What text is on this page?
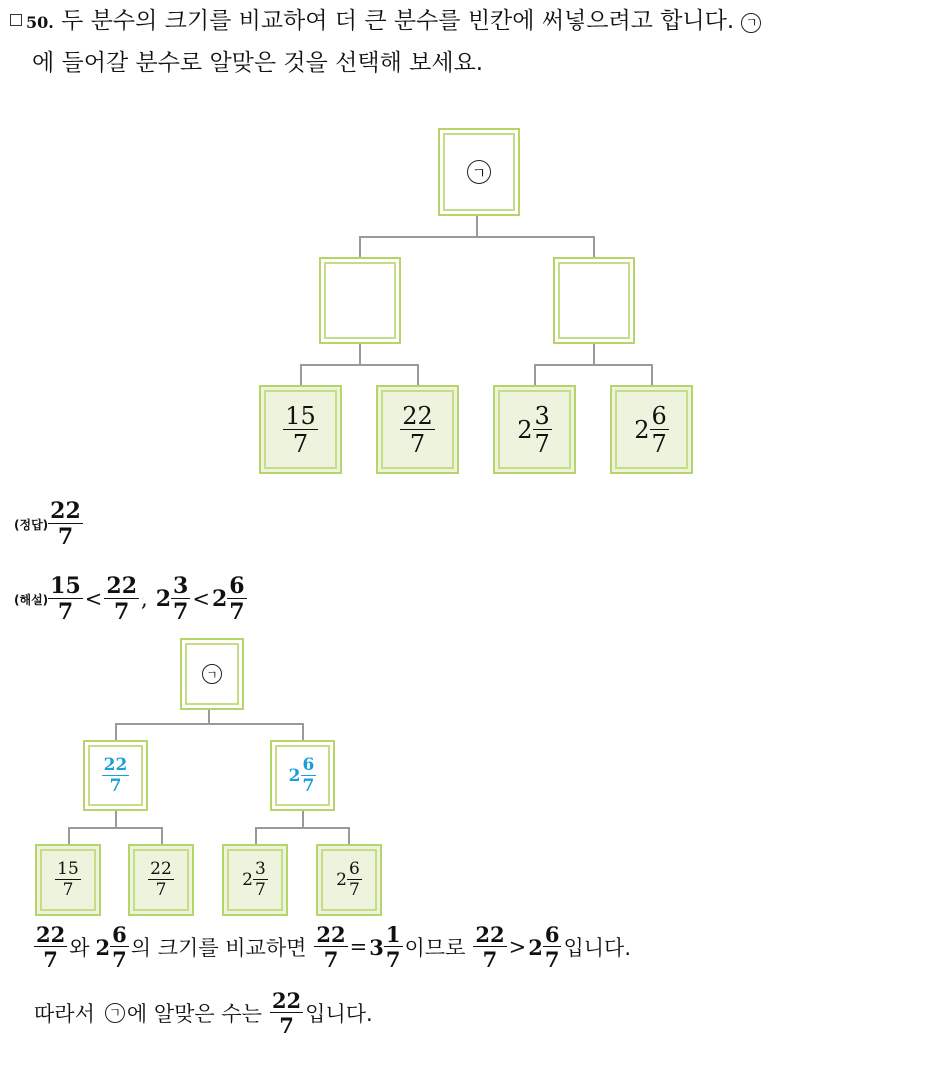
50. 두 분수의 크기를 비교하여 더 큰 분수를 빈칸에 써넣으려고 합니다. ㄱ
에 들어갈 분수로 알맞은 것을 선택해 보세요.
ㄱ
$\frac{15}{7}$	$\frac{22}{7}$	$2 \frac{3}{7}$	$2 \frac{6}{7}$
(정답) $\frac{22}{7}$
(해설) $\frac{15}{7} < \frac{22}{7}$ , $2 \frac{3}{7} < 2 \frac{6}{7}$
ㄱ
$\frac{22}{7}$	$2 \frac{6}{7}$
$\frac{15}{7}$	$\frac{22}{7}$	$2 \frac{3}{7}$	$2 \frac{6}{7}$
$\frac{22}{7}$ 와 $2 \frac{6}{7}$ 의 크기를 비교하면 $\frac{22}{7} = 3 \frac{1}{7}$ 이므로 $\frac{22}{7} > 2 \frac{6}{7}$ 입니다.
따라서 ㄱ 에 알맞은 수는 $\frac{22}{7}$ 입니다.
